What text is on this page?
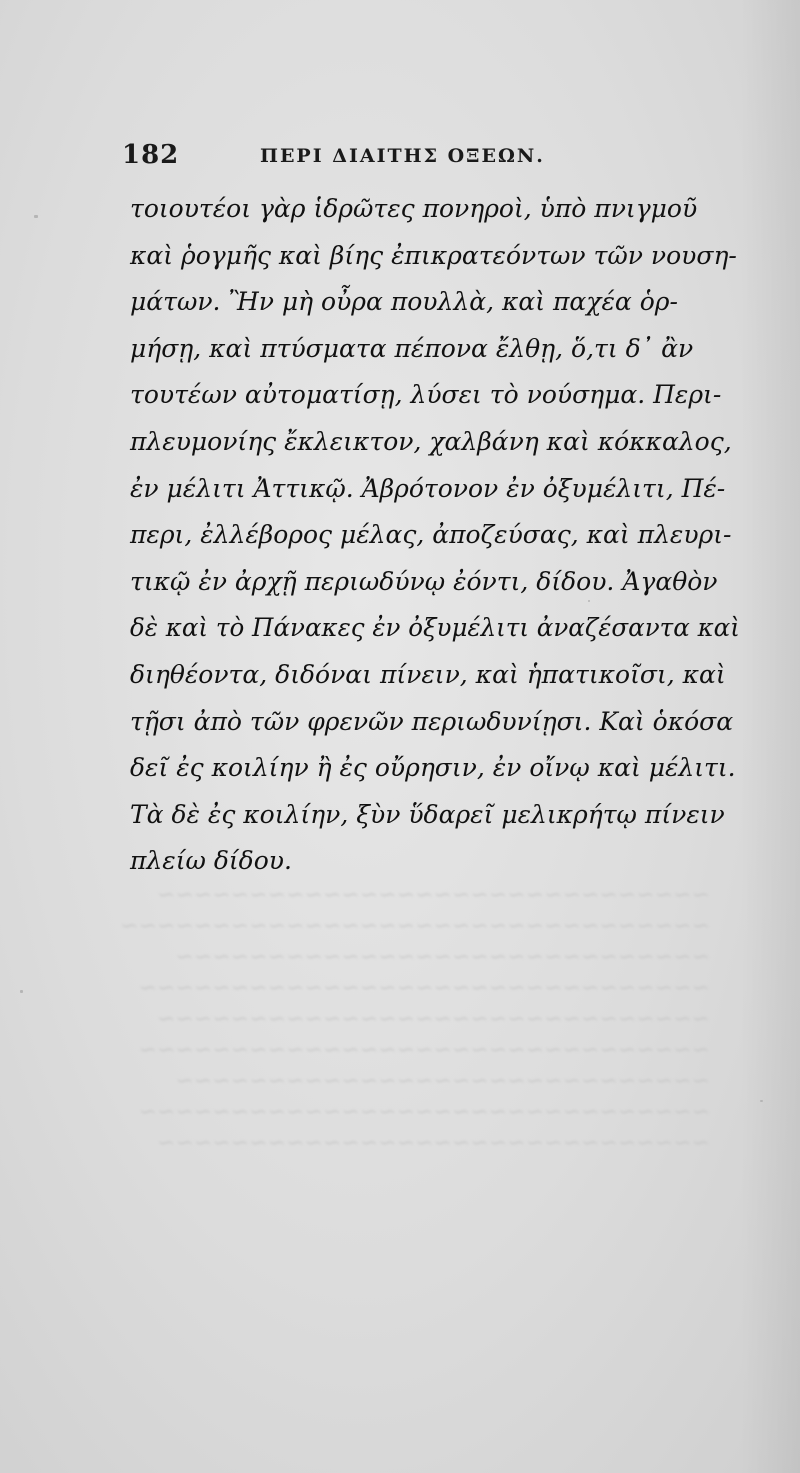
~~~~~~~~~~~~~~~~~~~~~~~~~~~~~~
~~~~~~~~~~~~~~~~~~~~~~~~~~~~~~~~
~~~~~~~~~~~~~~~~~~~~~~~~~~~~~
~~~~~~~~~~~~~~~~~~~~~~~~~~~~~~~
~~~~~~~~~~~~~~~~~~~~~~~~~~~~~~
~~~~~~~~~~~~~~~~~~~~~~~~~~~~~~~
~~~~~~~~~~~~~~~~~~~~~~~~~~~~~
~~~~~~~~~~~~~~~~~~~~~~~~~~~~~~~
~~~~~~~~~~~~~~~~~~~~~~~~~~~~~~
182	ΠΕΡΙ ΔΙΑΙΤΗΣ ΟΞΕΩΝ.
τοιουτέοι γὰρ ἱδρῶτες πονηροὶ, ὑπὸ πνιγμοῦ
καὶ ῥογμῆς καὶ βίης ἐπικρατεόντων τῶν νουση-
μάτων. Ἢν μὴ οὖρα πουλλὰ, καὶ παχέα ὁρ-
μήσῃ, καὶ πτύσματα πέπονα ἔλθῃ, ὅ,τι δ᾽ ἂν
τουτέων αὐτοματίσῃ, λύσει τὸ νούσημα. Περι-
πλευμονίης ἔκλεικτον, χαλβάνη καὶ κόκκαλος,
ἐν μέλιτι Ἀττικῷ. Ἀβρότονον ἐν ὀξυμέλιτι, Πέ-
περι, ἐλλέβορος μέλας, ἀποζεύσας, καὶ πλευρι-
τικῷ ἐν ἀρχῇ περιωδύνῳ ἐόντι, δίδου. Ἀγαθὸν
δὲ καὶ τὸ Πάνακες ἐν ὀξυμέλιτι ἀναζέσαντα καὶ
διηθέοντα, διδόναι πίνειν, καὶ ἡπατικοῖσι, καὶ
τῇσι ἀπὸ τῶν φρενῶν περιωδυνίῃσι. Καὶ ὁκόσα
δεῖ ἐς κοιλίην ἢ ἐς οὔρησιν, ἐν οἴνῳ καὶ μέλιτι.
Τὰ δὲ ἐς κοιλίην, ξὺν ὕδαρεῖ μελικρήτῳ πίνειν
πλείω δίδου.
